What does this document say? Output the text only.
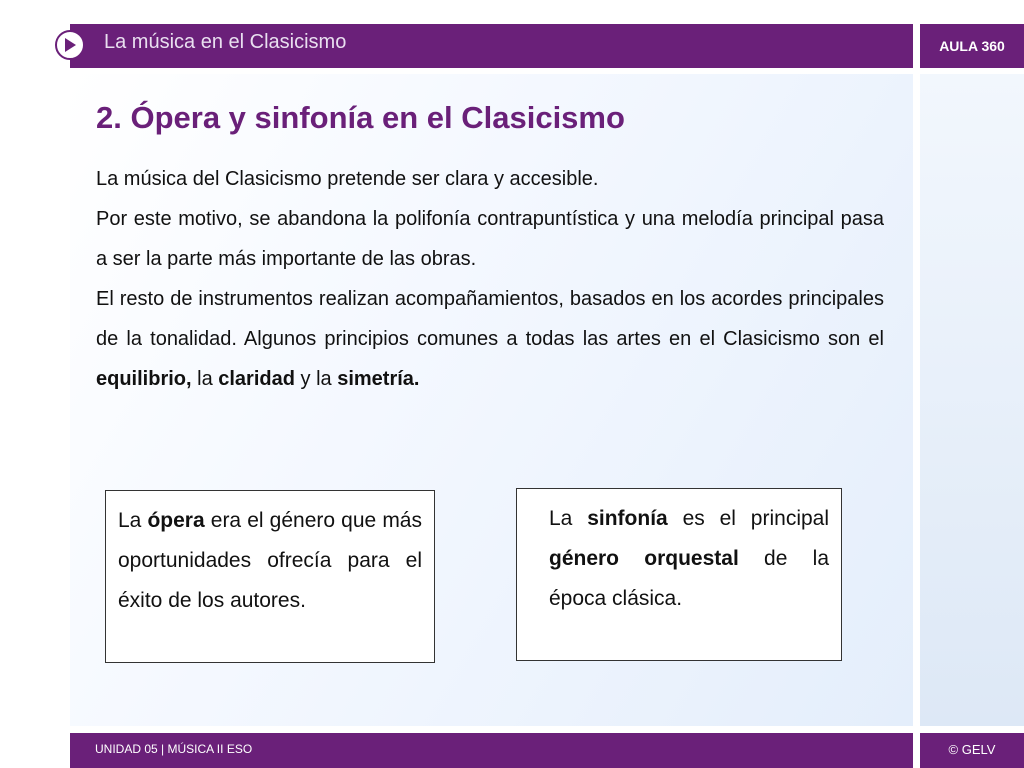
AULA 360
La música en el Clasicismo
2. Ópera y sinfonía en el Clasicismo

La música del Clasicismo pretende ser clara y accesible.

Por este motivo, se abandona la polifonía contrapuntística y una melodía principal pasa a ser la parte más importante de las obras.

El resto de instrumentos realizan acompañamientos, basados en los acordes principales de la tonalidad. Algunos principios comunes a todas las artes en el Clasicismo son el equilibrio, la claridad y la simetría.

La ópera era el género que más oportunidades ofrecía para el éxito de los autores.
La sinfonía es el principal género orquestal de la época clásica.
UNIDAD 05 | MÚSICA II ESO	© GELV
